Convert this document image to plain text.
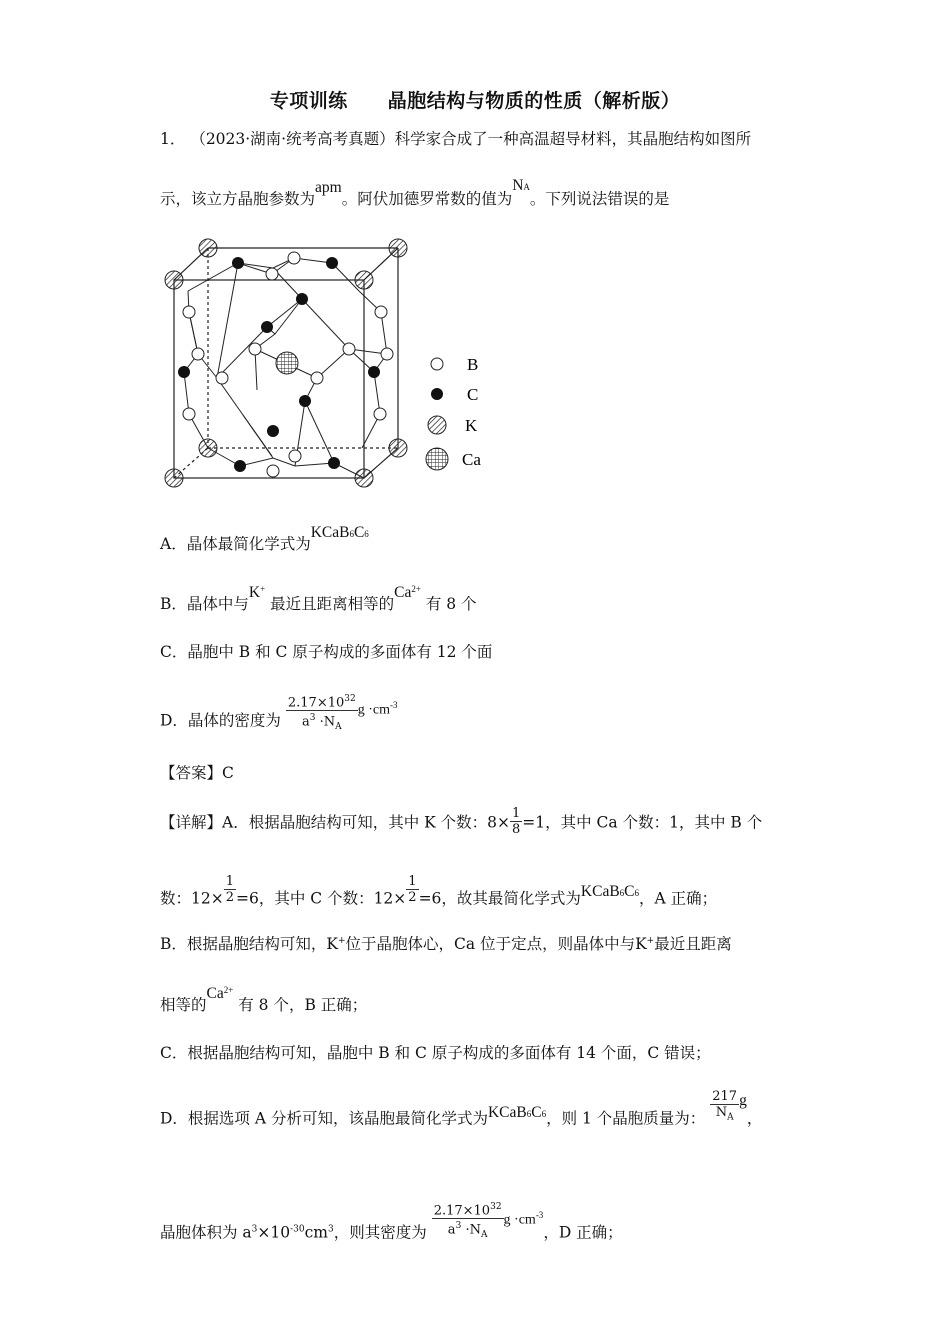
专项训练 晶胞结构与物质的性质（解析版）
1． （2023·湖南·统考高考真题）科学家合成了一种高温超导材料，其晶胞结构如图所
示，该立方晶胞参数为apm。阿伏加德罗常数的值为NA。下列说法错误的是
B
C
K
Ca
A．晶体最简化学式为KCaB6C6
B．晶体中与K+ 最近且距离相等的$Ca^{2+}$ 有 8 个
C．晶胞中 B 和 C 原子构成的多面体有 12 个面
D．晶体的密度为 $\frac{2.17\times 10^{32}}{a^3 \cdot N_A}$ $g \cdot cm^{-3}$
【答案】C
【详解】A．根据晶胞结构可知，其中 K 个数：$8\times \frac{1}{8} =1$，其中 Ca 个数：1，其中 B 个
数：$12\times \frac{1}{2} =6$，其中 C 个数：$12\times \frac{1}{2} =6$，故其最简化学式为KCaB6C6，A 正确；
B．根据晶胞结构可知，K+位于晶胞体心，Ca 位于定点，则晶体中与K+最近且距离
相等的$Ca^{2+}$ 有 8 个，B 正确；
C．根据晶胞结构可知，晶胞中 B 和 C 原子构成的多面体有 14 个面，C 错误；
D．根据选项 A 分析可知，该晶胞最简化学式为KCaB6C6，则 1 个晶胞质量为： $\frac{217}{N_A}$ g，
晶胞体积为 $a^3\times 10^{-30}cm^3$，则其密度为 $\frac{2.17\times 10^{32}}{a^3 \cdot N_A}$ $g \cdot cm^{-3}$，D 正确；
